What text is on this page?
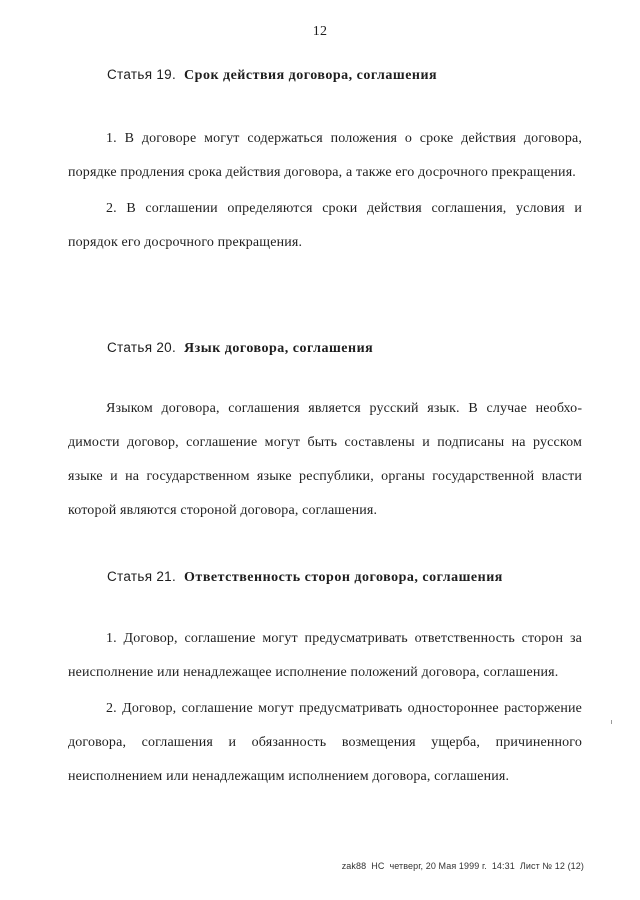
12
Статья 19. Срок действия договора, соглашения

1. В договоре могут содержаться положения о сроке действия договора, порядке продления срока действия договора, а также его досрочного прекращения.

2. В соглашении определяются сроки действия соглашения, условия и порядок его досрочного прекращения.

Статья 20. Язык договора, соглашения

Языком договора, соглашения является русский язык. В случае необходимости договор, соглашение могут быть составлены и подписаны на русском языке и на государственном языке республики, органы государственной власти которой являются стороной договора, соглашения.

Статья 21. Ответственность сторон договора, соглашения

1. Договор, соглашение могут предусматривать ответственность сторон за неисполнение или ненадлежащее исполнение положений договора, соглашения.

2. Договор, соглашение могут предусматривать одностороннее расторжение договора, соглашения и обязанность возмещения ущерба, причиненного неисполнением или ненадлежащим исполнением договора, соглашения.

zak88 НС четверг, 20 Мая 1999 г. 14:31 Лист № 12 (12)
